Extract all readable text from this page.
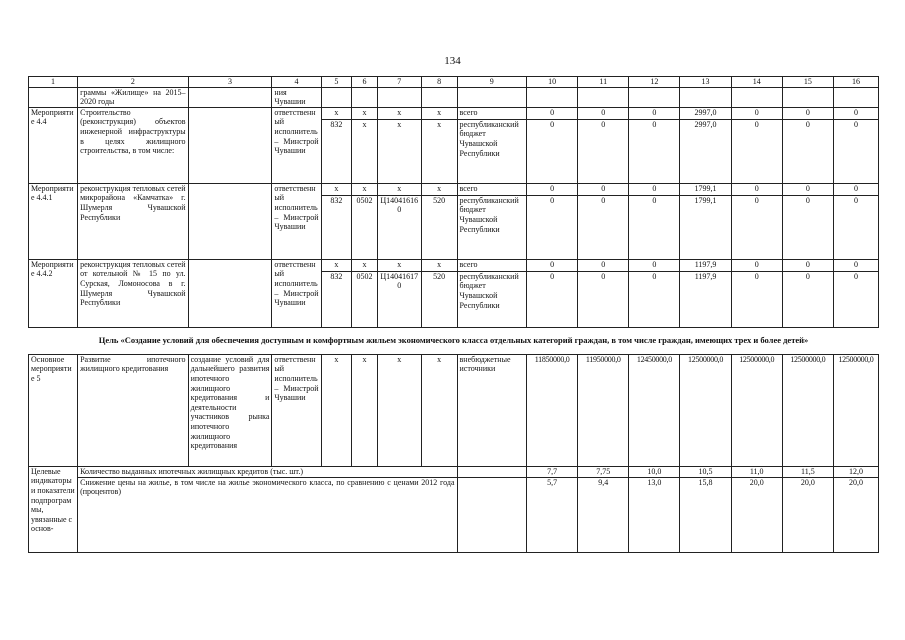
134
1	2	3	4	5	6	7	8	9	10	11	12	13	14	15	16
	граммы «Жилище» на 2015–2020 годы		ния Чувашии												
Мероприятие 4.4	Строительство (реконструкция) объектов инженерной инфраструктуры в целях жилищного строительства, в том числе:		ответственный исполнитель – Минстрой Чувашии	x	x	x	x	всего	0	0	0	2997,0	0	0	0
				832	x	x	x	республиканский бюджет Чувашской Республики	0	0	0	2997,0	0	0	0
Мероприятие 4.4.1	реконструкция тепловых сетей микрорайона «Камчатка» г. Шумерля Чувашской Республики		ответственный исполнитель – Минстрой Чувашии	x	x	x	x	всего	0	0	0	1799,1	0	0	0
				832	0502	Ц140416160	520	республиканский бюджет Чувашской Республики	0	0	0	1799,1	0	0	0
Мероприятие 4.4.2	реконструкция тепловых сетей от котельной № 15 по ул. Сурская, Ломоносова в г. Шумерля Чувашской Республики		ответственный исполнитель – Минстрой Чувашии	x	x	x	x	всего	0	0	0	1197,9	0	0	0
				832	0502	Ц140416170	520	республиканский бюджет Чувашской Республики	0	0	0	1197,9	0	0	0
Цель «Создание условий для обеспечения доступным и комфортным жильем экономического класса отдельных категорий граждан, в том числе граждан, имеющих трех и более детей»															
Основное мероприятие 5	Развитие ипотечного жилищного кредитования	создание условий для дальнейшего развития ипотечного жилищного кредитования и деятельности участников рынка ипотечного жилищного кредитования	ответственный исполнитель – Минстрой Чувашии	x	x	x	x	внебюджетные источники	11850000,0	11950000,0	12450000,0	12500000,0	12500000,0	12500000,0	12500000,0
Целевые индикаторы и показатели подпрограммы, увязанные с основ-	Количество выданных ипотечных жилищных кредитов (тыс. шт.)								7,7	7,75	10,0	10,5	11,0	11,5	12,0
	Снижение цены на жилье, в том числе на жилье экономического класса, по сравнению с ценами 2012 года (процентов)								5,7	9,4	13,0	15,8	20,0	20,0	20,0
